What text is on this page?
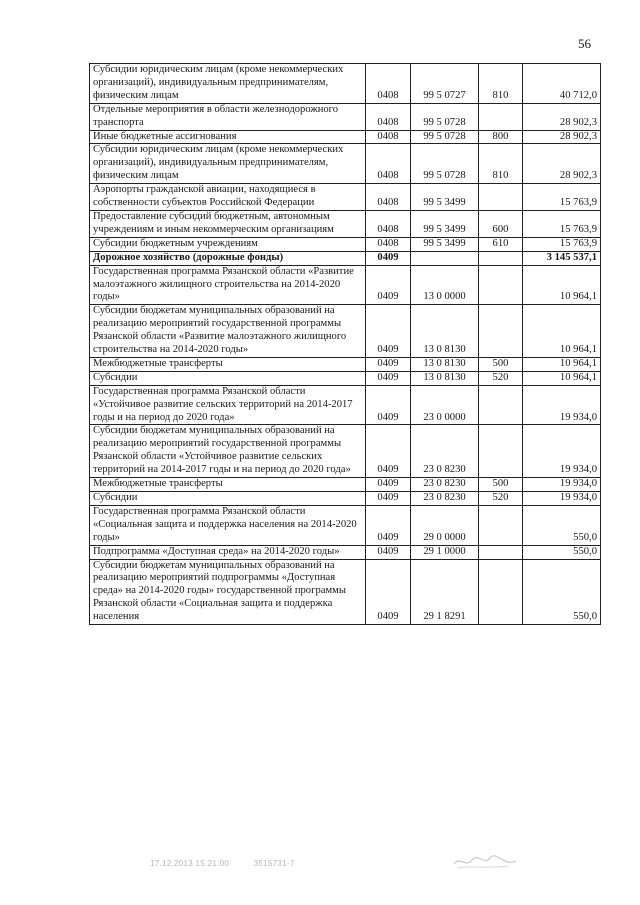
56
Субсидии юридическим лицам (кроме некоммерческих организаций), индивидуальным предпринимателям, физическим лицам	0408	99 5 0727	810	40 712,0
Отдельные мероприятия в области железнодорожного транспорта	0408	99 5 0728		28 902,3
Иные бюджетные ассигнования	0408	99 5 0728	800	28 902,3
Субсидии юридическим лицам (кроме некоммерческих организаций), индивидуальным предпринимателям, физическим лицам	0408	99 5 0728	810	28 902,3
Аэропорты гражданской авиации, находящиеся в собственности субъектов Российской Федерации	0408	99 5 3499		15 763,9
Предоставление субсидий бюджетным, автономным учреждениям и иным некоммерческим организациям	0408	99 5 3499	600	15 763,9
Субсидии бюджетным учреждениям	0408	99 5 3499	610	15 763,9
Дорожное хозяйство (дорожные фонды)	0409			3 145 537,1
Государственная программа Рязанской области «Развитие малоэтажного жилищного строительства на 2014-2020 годы»	0409	13 0 0000		10 964,1
Субсидии бюджетам муниципальных образований на реализацию мероприятий государственной программы Рязанской области «Развитие малоэтажного жилищного строительства на 2014-2020 годы»	0409	13 0 8130		10 964,1
Межбюджетные трансферты	0409	13 0 8130	500	10 964,1
Субсидии	0409	13 0 8130	520	10 964,1
Государственная программа Рязанской области «Устойчивое развитие сельских территорий на 2014-2017 годы и на период до 2020 года»	0409	23 0 0000		19 934,0
Субсидии бюджетам муниципальных образований на реализацию мероприятий государственной программы Рязанской области «Устойчивое развитие сельских территорий на 2014-2017 годы и на период до 2020 года»	0409	23 0 8230		19 934,0
Межбюджетные трансферты	0409	23 0 8230	500	19 934,0
Субсидии	0409	23 0 8230	520	19 934,0
Государственная программа Рязанской области «Социальная защита и поддержка населения на 2014-2020 годы»	0409	29 0 0000		550,0
Подпрограмма «Доступная среда» на 2014-2020 годы»	0409	29 1 0000		550,0
Субсидии бюджетам муниципальных образований на реализацию мероприятий подпрограммы «Доступная среда» на 2014-2020 годы» государственной программы Рязанской области «Социальная защита и поддержка населения	0409	29 1 8291		550,0
17.12.2013 15:21:00	3515731-7
